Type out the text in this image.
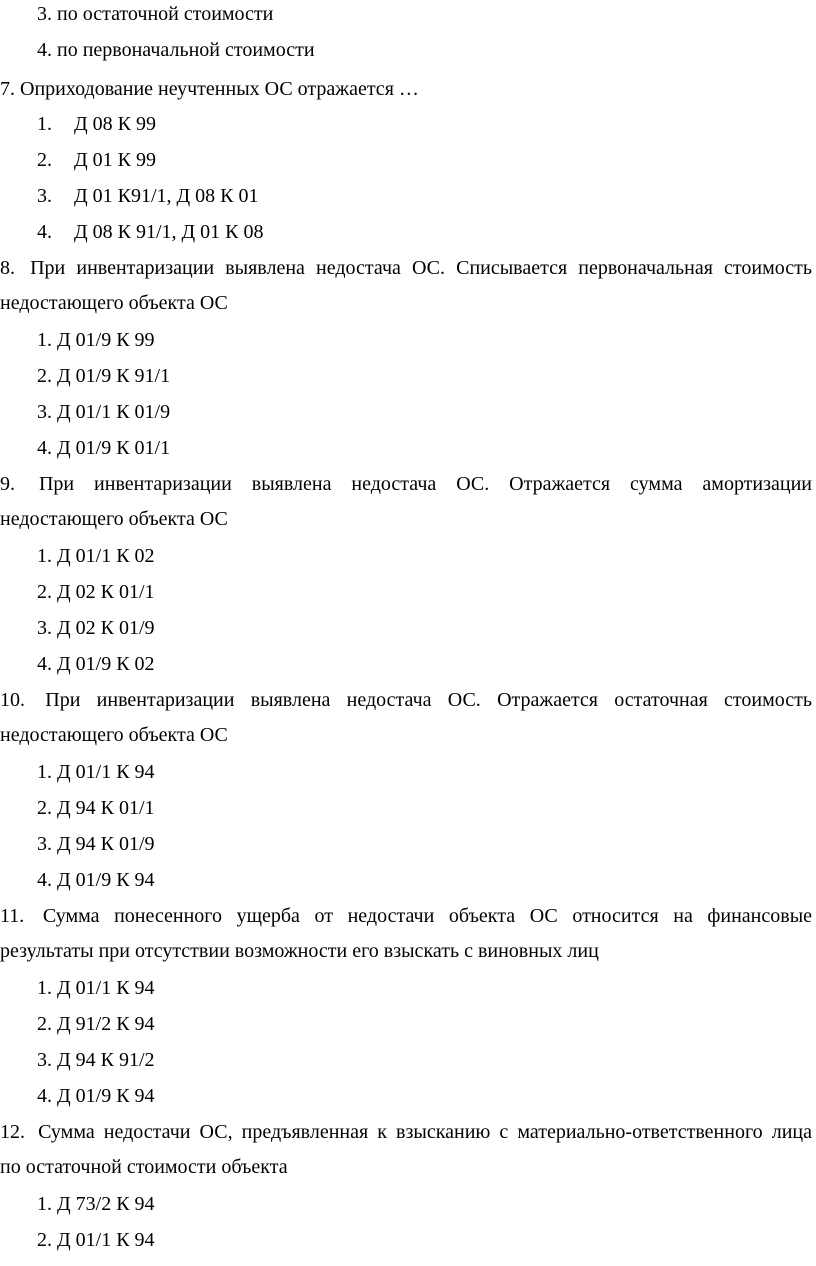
3. по остаточной стоимости
4. по первоначальной стоимости
7. Оприходование неучтенных ОС отражается …
1. Д 08 К 99
2. Д 01 К 99
3. Д 01 К91/1, Д 08 К 01
4. Д 08 К 91/1, Д 01 К 08
8. При инвентаризации выявлена недостача ОС. Списывается первоначальная стоимость
недостающего объекта ОС
1. Д 01/9 К 99
2. Д 01/9 К 91/1
3. Д 01/1 К 01/9
4. Д 01/9 К 01/1
9. При инвентаризации выявлена недостача ОС. Отражается сумма амортизации
недостающего объекта ОС
1. Д 01/1 К 02
2. Д 02 К 01/1
3. Д 02 К 01/9
4. Д 01/9 К 02
10. При инвентаризации выявлена недостача ОС. Отражается остаточная стоимость
недостающего объекта ОС
1. Д 01/1 К 94
2. Д 94 К 01/1
3. Д 94 К 01/9
4. Д 01/9 К 94
11. Сумма понесенного ущерба от недостачи объекта ОС относится на финансовые
результаты при отсутствии возможности его взыскать с виновных лиц
1. Д 01/1 К 94
2. Д 91/2 К 94
3. Д 94 К 91/2
4. Д 01/9 К 94
12. Сумма недостачи ОС, предъявленная к взысканию с материально-ответственного лица
по остаточной стоимости объекта
1. Д 73/2 К 94
2. Д 01/1 К 94
